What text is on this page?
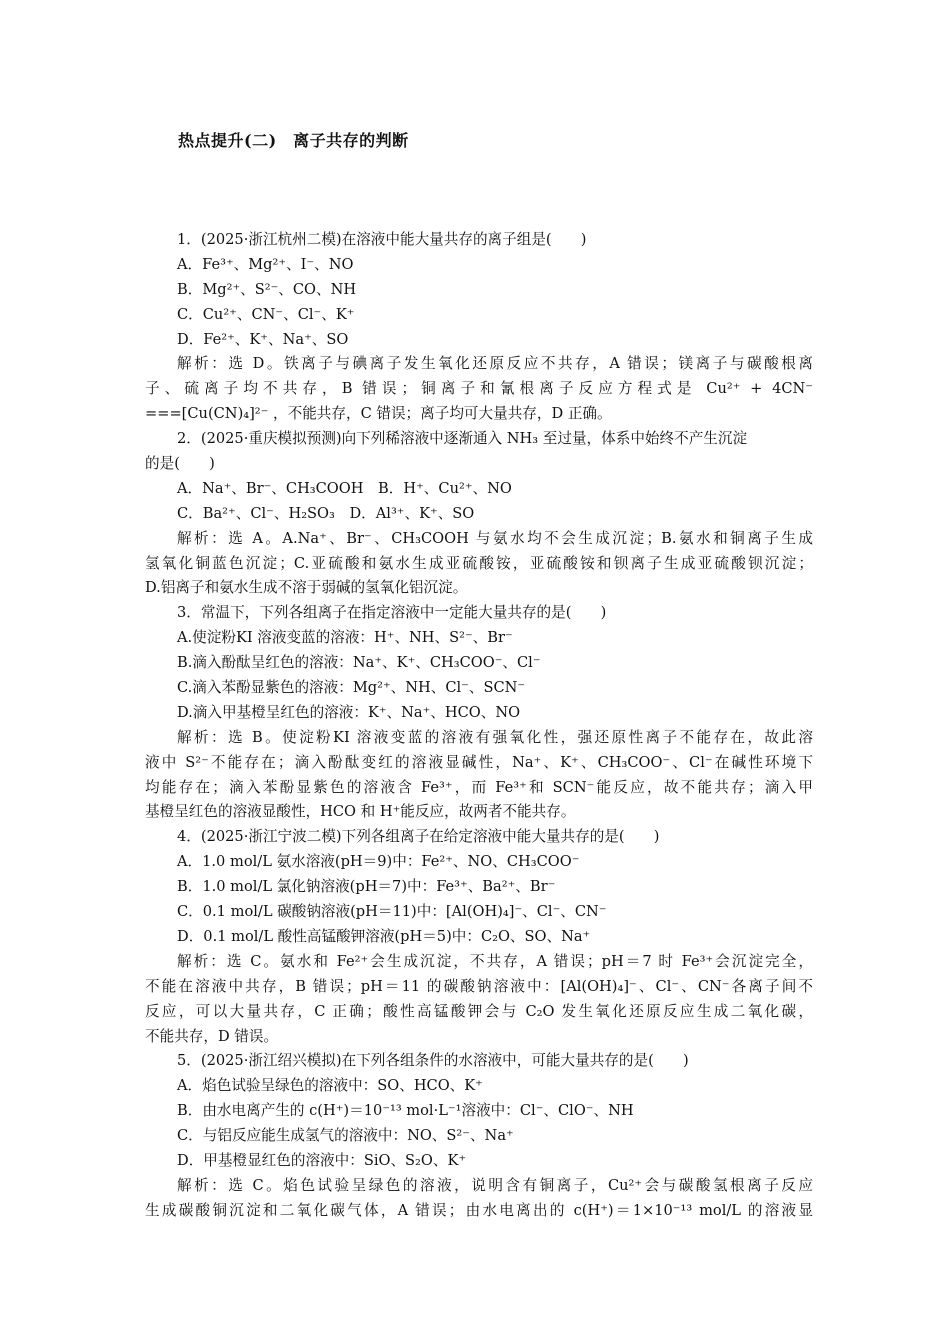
热点提升(二)　离子共存的判断
1．(2025·浙江杭州二模)在溶液中能大量共存的离子组是(　　)
A．Fe³⁺、Mg²⁺、I⁻、NO
B．Mg²⁺、S²⁻、CO、NH
C．Cu²⁺、CN⁻、Cl⁻、K⁺
D．Fe²⁺、K⁺、Na⁺、SO
解析：选 D。铁离子与碘离子发生氧化还原反应不共存，A 错误；镁离子与碳酸根离
子、硫离子均不共存，B 错误；铜离子和氰根离子反应方程式是 Cu²⁺ + 4CN⁻
===[Cu(CN)₄]²⁻ ，不能共存，C 错误；离子均可大量共存，D 正确。
2．(2025·重庆模拟预测)向下列稀溶液中逐渐通入 NH₃ 至过量，体系中始终不产生沉淀
的是(　　)
A．Na⁺、Br⁻、CH₃COOH　B．H⁺、Cu²⁺、NO
C．Ba²⁺、Cl⁻、H₂SO₃　D．Al³⁺、K⁺、SO
解析：选 A。A.Na⁺、Br⁻、CH₃COOH 与氨水均不会生成沉淀；B.氨水和铜离子生成
氢氧化铜蓝色沉淀；C.亚硫酸和氨水生成亚硫酸铵，亚硫酸铵和钡离子生成亚硫酸钡沉淀；
D.铝离子和氨水生成不溶于弱碱的氢氧化铝沉淀。
3．常温下，下列各组离子在指定溶液中一定能大量共存的是(　　)
A.使淀粉KI 溶液变蓝的溶液：H⁺、NH、S²⁻、Br⁻
B.滴入酚酞呈红色的溶液：Na⁺、K⁺、CH₃COO⁻、Cl⁻
C.滴入苯酚显紫色的溶液：Mg²⁺、NH、Cl⁻、SCN⁻
D.滴入甲基橙呈红色的溶液：K⁺、Na⁺、HCO、NO
解析：选 B。使淀粉KI 溶液变蓝的溶液有强氧化性，强还原性离子不能存在，故此溶
液中 S²⁻不能存在；滴入酚酞变红的溶液显碱性，Na⁺、K⁺、CH₃COO⁻、Cl⁻在碱性环境下
均能存在；滴入苯酚显紫色的溶液含 Fe³⁺，而 Fe³⁺和 SCN⁻能反应，故不能共存；滴入甲
基橙呈红色的溶液显酸性，HCO 和 H⁺能反应，故两者不能共存。
4．(2025·浙江宁波二模)下列各组离子在给定溶液中能大量共存的是(　　)
A．1.0 mol/L 氨水溶液(pH＝9)中：Fe²⁺、NO、CH₃COO⁻
B．1.0 mol/L 氯化钠溶液(pH＝7)中：Fe³⁺、Ba²⁺、Br⁻
C．0.1 mol/L 碳酸钠溶液(pH＝11)中：[Al(OH)₄]⁻、Cl⁻、CN⁻
D．0.1 mol/L 酸性高锰酸钾溶液(pH＝5)中：C₂O、SO、Na⁺
解析：选 C。氨水和 Fe²⁺会生成沉淀，不共存，A 错误；pH＝7 时 Fe³⁺会沉淀完全，
不能在溶液中共存，B 错误；pH＝11 的碳酸钠溶液中：[Al(OH)₄]⁻、Cl⁻、CN⁻各离子间不
反应，可以大量共存，C 正确；酸性高锰酸钾会与 C₂O 发生氧化还原反应生成二氧化碳，
不能共存，D 错误。
5．(2025·浙江绍兴模拟)在下列各组条件的水溶液中，可能大量共存的是(　　)
A．焰色试验呈绿色的溶液中：SO、HCO、K⁺
B．由水电离产生的 c(H⁺)＝10⁻¹³ mol·L⁻¹溶液中：Cl⁻、ClO⁻、NH
C．与铝反应能生成氢气的溶液中：NO、S²⁻、Na⁺
D．甲基橙显红色的溶液中：SiO、S₂O、K⁺
解析：选 C。焰色试验呈绿色的溶液，说明含有铜离子，Cu²⁺会与碳酸氢根离子反应
生成碳酸铜沉淀和二氧化碳气体，A 错误；由水电离出的 c(H⁺)＝1×10⁻¹³ mol/L 的溶液显
